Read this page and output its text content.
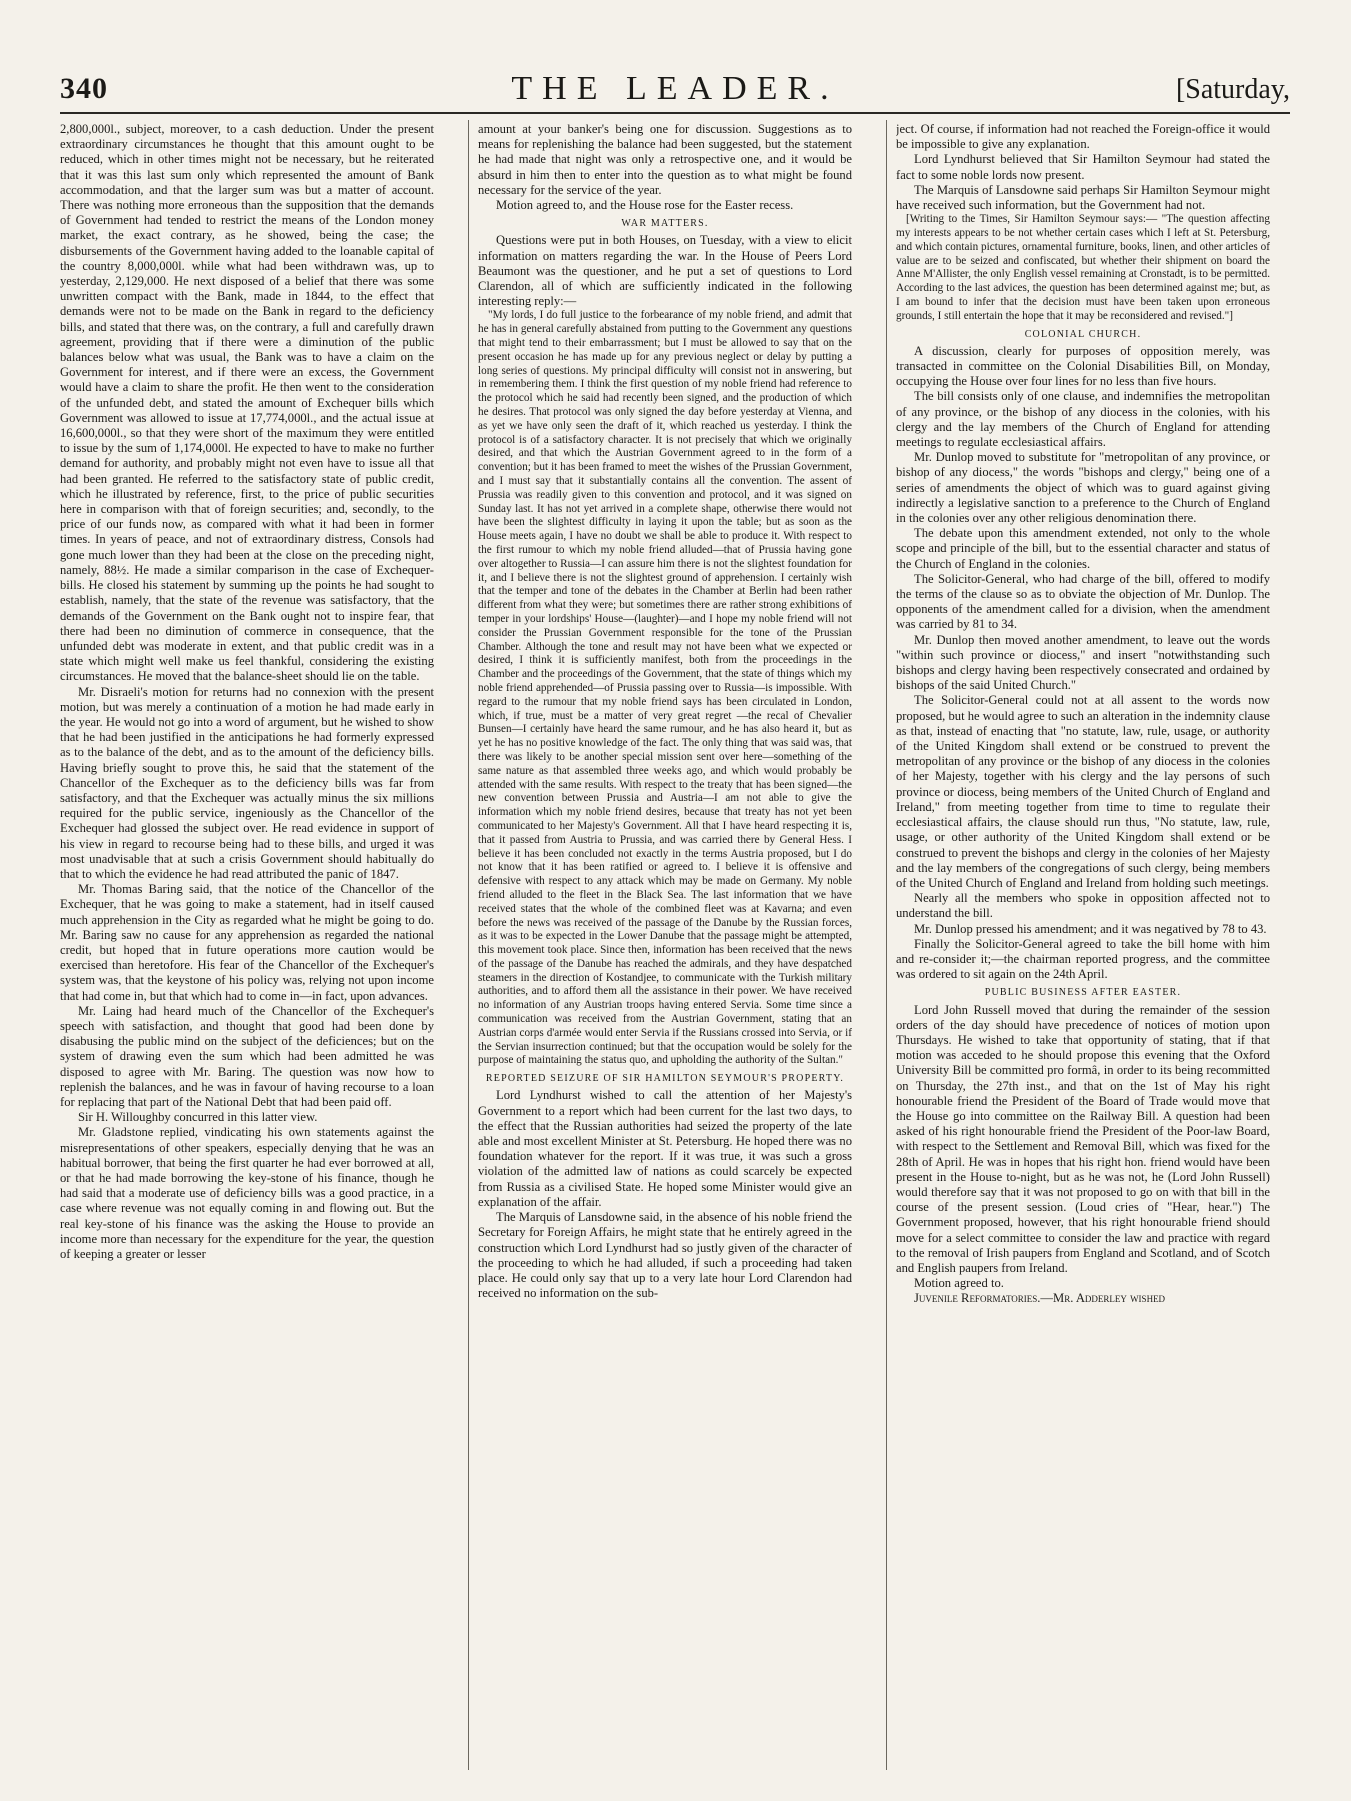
340	THE LEADER.	[Saturday,

2,800,000l., subject, moreover, to a cash deduction. Under the present extraordinary circumstances he thought that this amount ought to be reduced, which in other times might not be necessary, but he reiterated that it was this last sum only which represented the amount of Bank accommodation, and that the larger sum was but a matter of account. There was nothing more erroneous than the supposition that the demands of Government had tended to restrict the means of the London money market, the exact contrary, as he showed, being the case; the disbursements of the Government having added to the loanable capital of the country 8,000,000l. while what had been withdrawn was, up to yesterday, 2,129,000. He next disposed of a belief that there was some unwritten compact with the Bank, made in 1844, to the effect that demands were not to be made on the Bank in regard to the deficiency bills, and stated that there was, on the contrary, a full and carefully drawn agreement, providing that if there were a diminution of the public balances below what was usual, the Bank was to have a claim on the Government for interest, and if there were an excess, the Government would have a claim to share the profit. He then went to the consideration of the unfunded debt, and stated the amount of Exchequer bills which Government was allowed to issue at 17,774,000l., and the actual issue at 16,600,000l., so that they were short of the maximum they were entitled to issue by the sum of 1,174,000l. He expected to have to make no further demand for authority, and probably might not even have to issue all that had been granted. He referred to the satisfactory state of public credit, which he illustrated by reference, first, to the price of public securities here in comparison with that of foreign securities; and, secondly, to the price of our funds now, as compared with what it had been in former times. In years of peace, and not of extraordinary distress, Consols had gone much lower than they had been at the close on the preceding night, namely, 88½. He made a similar comparison in the case of Exchequer-bills. He closed his statement by summing up the points he had sought to establish, namely, that the state of the revenue was satisfactory, that the demands of the Government on the Bank ought not to inspire fear, that there had been no diminution of commerce in consequence, that the unfunded debt was moderate in extent, and that public credit was in a state which might well make us feel thankful, considering the existing circumstances. He moved that the balance-sheet should lie on the table.

Mr. Disraeli's motion for returns had no connexion with the present motion, but was merely a continuation of a motion he had made early in the year. He would not go into a word of argument, but he wished to show that he had been justified in the anticipations he had formerly expressed as to the balance of the debt, and as to the amount of the deficiency bills. Having briefly sought to prove this, he said that the statement of the Chancellor of the Exchequer as to the deficiency bills was far from satisfactory, and that the Exchequer was actually minus the six millions required for the public service, ingeniously as the Chancellor of the Exchequer had glossed the subject over. He read evidence in support of his view in regard to recourse being had to these bills, and urged it was most unadvisable that at such a crisis Government should habitually do that to which the evidence he had read attributed the panic of 1847.

Mr. Thomas Baring said, that the notice of the Chancellor of the Exchequer, that he was going to make a statement, had in itself caused much apprehension in the City as regarded what he might be going to do. Mr. Baring saw no cause for any apprehension as regarded the national credit, but hoped that in future operations more caution would be exercised than heretofore. His fear of the Chancellor of the Exchequer's system was, that the keystone of his policy was, relying not upon income that had come in, but that which had to come in—in fact, upon advances.

Mr. Laing had heard much of the Chancellor of the Exchequer's speech with satisfaction, and thought that good had been done by disabusing the public mind on the subject of the deficiences; but on the system of drawing even the sum which had been admitted he was disposed to agree with Mr. Baring. The question was now how to replenish the balances, and he was in favour of having recourse to a loan for replacing that part of the National Debt that had been paid off.

Sir H. Willoughby concurred in this latter view.

Mr. Gladstone replied, vindicating his own statements against the misrepresentations of other speakers, especially denying that he was an habitual borrower, that being the first quarter he had ever borrowed at all, or that he had made borrowing the key-stone of his finance, though he had said that a moderate use of deficiency bills was a good practice, in a case where revenue was not equally coming in and flowing out. But the real key-stone of his finance was the asking the House to provide an income more than necessary for the expenditure for the year, the question of keeping a greater or lesser

amount at your banker's being one for discussion. Suggestions as to means for replenishing the balance had been suggested, but the statement he had made that night was only a retrospective one, and it would be absurd in him then to enter into the question as to what might be found necessary for the service of the year.

Motion agreed to, and the House rose for the Easter recess.

WAR MATTERS.

Questions were put in both Houses, on Tuesday, with a view to elicit information on matters regarding the war. In the House of Peers Lord Beaumont was the questioner, and he put a set of questions to Lord Clarendon, all of which are sufficiently indicated in the following interesting reply:—

"My lords, I do full justice to the forbearance of my noble friend, and admit that he has in general carefully abstained from putting to the Government any questions that might tend to their embarrassment; but I must be allowed to say that on the present occasion he has made up for any previous neglect or delay by putting a long series of questions. My principal difficulty will consist not in answering, but in remembering them. I think the first question of my noble friend had reference to the protocol which he said had recently been signed, and the production of which he desires. That protocol was only signed the day before yesterday at Vienna, and as yet we have only seen the draft of it, which reached us yesterday. I think the protocol is of a satisfactory character. It is not precisely that which we originally desired, and that which the Austrian Government agreed to in the form of a convention; but it has been framed to meet the wishes of the Prussian Government, and I must say that it substantially contains all the convention. The assent of Prussia was readily given to this convention and protocol, and it was signed on Sunday last. It has not yet arrived in a complete shape, otherwise there would not have been the slightest difficulty in laying it upon the table; but as soon as the House meets again, I have no doubt we shall be able to produce it. With respect to the first rumour to which my noble friend alluded—that of Prussia having gone over altogether to Russia—I can assure him there is not the slightest foundation for it, and I believe there is not the slightest ground of apprehension. I certainly wish that the temper and tone of the debates in the Chamber at Berlin had been rather different from what they were; but sometimes there are rather strong exhibitions of temper in your lordships' House—(laughter)—and I hope my noble friend will not consider the Prussian Government responsible for the tone of the Prussian Chamber. Although the tone and result may not have been what we expected or desired, I think it is sufficiently manifest, both from the proceedings in the Chamber and the proceedings of the Government, that the state of things which my noble friend apprehended—of Prussia passing over to Russia—is impossible. With regard to the rumour that my noble friend says has been circulated in London, which, if true, must be a matter of very great regret —the recal of Chevalier Bunsen—I certainly have heard the same rumour, and he has also heard it, but as yet he has no positive knowledge of the fact. The only thing that was said was, that there was likely to be another special mission sent over here—something of the same nature as that assembled three weeks ago, and which would probably be attended with the same results. With respect to the treaty that has been signed—the new convention between Prussia and Austria—I am not able to give the information which my noble friend desires, because that treaty has not yet been communicated to her Majesty's Government. All that I have heard respecting it is, that it passed from Austria to Prussia, and was carried there by General Hess. I believe it has been concluded not exactly in the terms Austria proposed, but I do not know that it has been ratified or agreed to. I believe it is offensive and defensive with respect to any attack which may be made on Germany. My noble friend alluded to the fleet in the Black Sea. The last information that we have received states that the whole of the combined fleet was at Kavarna; and even before the news was received of the passage of the Danube by the Russian forces, as it was to be expected in the Lower Danube that the passage might be attempted, this movement took place. Since then, information has been received that the news of the passage of the Danube has reached the admirals, and they have despatched steamers in the direction of Kostandjee, to communicate with the Turkish military authorities, and to afford them all the assistance in their power. We have received no information of any Austrian troops having entered Servia. Some time since a communication was received from the Austrian Government, stating that an Austrian corps d'armée would enter Servia if the Russians crossed into Servia, or if the Servian insurrection continued; but that the occupation would be solely for the purpose of maintaining the status quo, and upholding the authority of the Sultan."

REPORTED SEIZURE OF SIR HAMILTON SEYMOUR'S PROPERTY.

Lord Lyndhurst wished to call the attention of her Majesty's Government to a report which had been current for the last two days, to the effect that the Russian authorities had seized the property of the late able and most excellent Minister at St. Petersburg. He hoped there was no foundation whatever for the report. If it was true, it was such a gross violation of the admitted law of nations as could scarcely be expected from Russia as a civilised State. He hoped some Minister would give an explanation of the affair.

The Marquis of Lansdowne said, in the absence of his noble friend the Secretary for Foreign Affairs, he might state that he entirely agreed in the construction which Lord Lyndhurst had so justly given of the character of the proceeding to which he had alluded, if such a proceeding had taken place. He could only say that up to a very late hour Lord Clarendon had received no information on the sub-

ject. Of course, if information had not reached the Foreign-office it would be impossible to give any explanation.

Lord Lyndhurst believed that Sir Hamilton Seymour had stated the fact to some noble lords now present.

The Marquis of Lansdowne said perhaps Sir Hamilton Seymour might have received such information, but the Government had not.

[Writing to the Times, Sir Hamilton Seymour says:— "The question affecting my interests appears to be not whether certain cases which I left at St. Petersburg, and which contain pictures, ornamental furniture, books, linen, and other articles of value are to be seized and confiscated, but whether their shipment on board the Anne M'Allister, the only English vessel remaining at Cronstadt, is to be permitted. According to the last advices, the question has been determined against me; but, as I am bound to infer that the decision must have been taken upon erroneous grounds, I still entertain the hope that it may be reconsidered and revised."]

COLONIAL CHURCH.

A discussion, clearly for purposes of opposition merely, was transacted in committee on the Colonial Disabilities Bill, on Monday, occupying the House over four lines for no less than five hours.

The bill consists only of one clause, and indemnifies the metropolitan of any province, or the bishop of any diocess in the colonies, with his clergy and the lay members of the Church of England for attending meetings to regulate ecclesiastical affairs.

Mr. Dunlop moved to substitute for "metropolitan of any province, or bishop of any diocess," the words "bishops and clergy," being one of a series of amendments the object of which was to guard against giving indirectly a legislative sanction to a preference to the Church of England in the colonies over any other religious denomination there.

The debate upon this amendment extended, not only to the whole scope and principle of the bill, but to the essential character and status of the Church of England in the colonies.

The Solicitor-General, who had charge of the bill, offered to modify the terms of the clause so as to obviate the objection of Mr. Dunlop. The opponents of the amendment called for a division, when the amendment was carried by 81 to 34.

Mr. Dunlop then moved another amendment, to leave out the words "within such province or diocess," and insert "notwithstanding such bishops and clergy having been respectively consecrated and ordained by bishops of the said United Church."

The Solicitor-General could not at all assent to the words now proposed, but he would agree to such an alteration in the indemnity clause as that, instead of enacting that "no statute, law, rule, usage, or authority of the United Kingdom shall extend or be construed to prevent the metropolitan of any province or the bishop of any diocess in the colonies of her Majesty, together with his clergy and the lay persons of such province or diocess, being members of the United Church of England and Ireland," from meeting together from time to time to regulate their ecclesiastical affairs, the clause should run thus, "No statute, law, rule, usage, or other authority of the United Kingdom shall extend or be construed to prevent the bishops and clergy in the colonies of her Majesty and the lay members of the congregations of such clergy, being members of the United Church of England and Ireland from holding such meetings.

Nearly all the members who spoke in opposition affected not to understand the bill.

Mr. Dunlop pressed his amendment; and it was negatived by 78 to 43.

Finally the Solicitor-General agreed to take the bill home with him and re-consider it;—the chairman reported progress, and the committee was ordered to sit again on the 24th April.

PUBLIC BUSINESS AFTER EASTER.

Lord John Russell moved that during the remainder of the session orders of the day should have precedence of notices of motion upon Thursdays. He wished to take that opportunity of stating, that if that motion was acceded to he should propose this evening that the Oxford University Bill be committed pro formâ, in order to its being recommitted on Thursday, the 27th inst., and that on the 1st of May his right honourable friend the President of the Board of Trade would move that the House go into committee on the Railway Bill. A question had been asked of his right honourable friend the President of the Poor-law Board, with respect to the Settlement and Removal Bill, which was fixed for the 28th of April. He was in hopes that his right hon. friend would have been present in the House to-night, but as he was not, he (Lord John Russell) would therefore say that it was not proposed to go on with that bill in the course of the present session. (Loud cries of "Hear, hear.") The Government proposed, however, that his right honourable friend should move for a select committee to consider the law and practice with regard to the removal of Irish paupers from England and Scotland, and of Scotch and English paupers from Ireland.

Motion agreed to.

Juvenile Reformatories.—Mr. Adderley wished
